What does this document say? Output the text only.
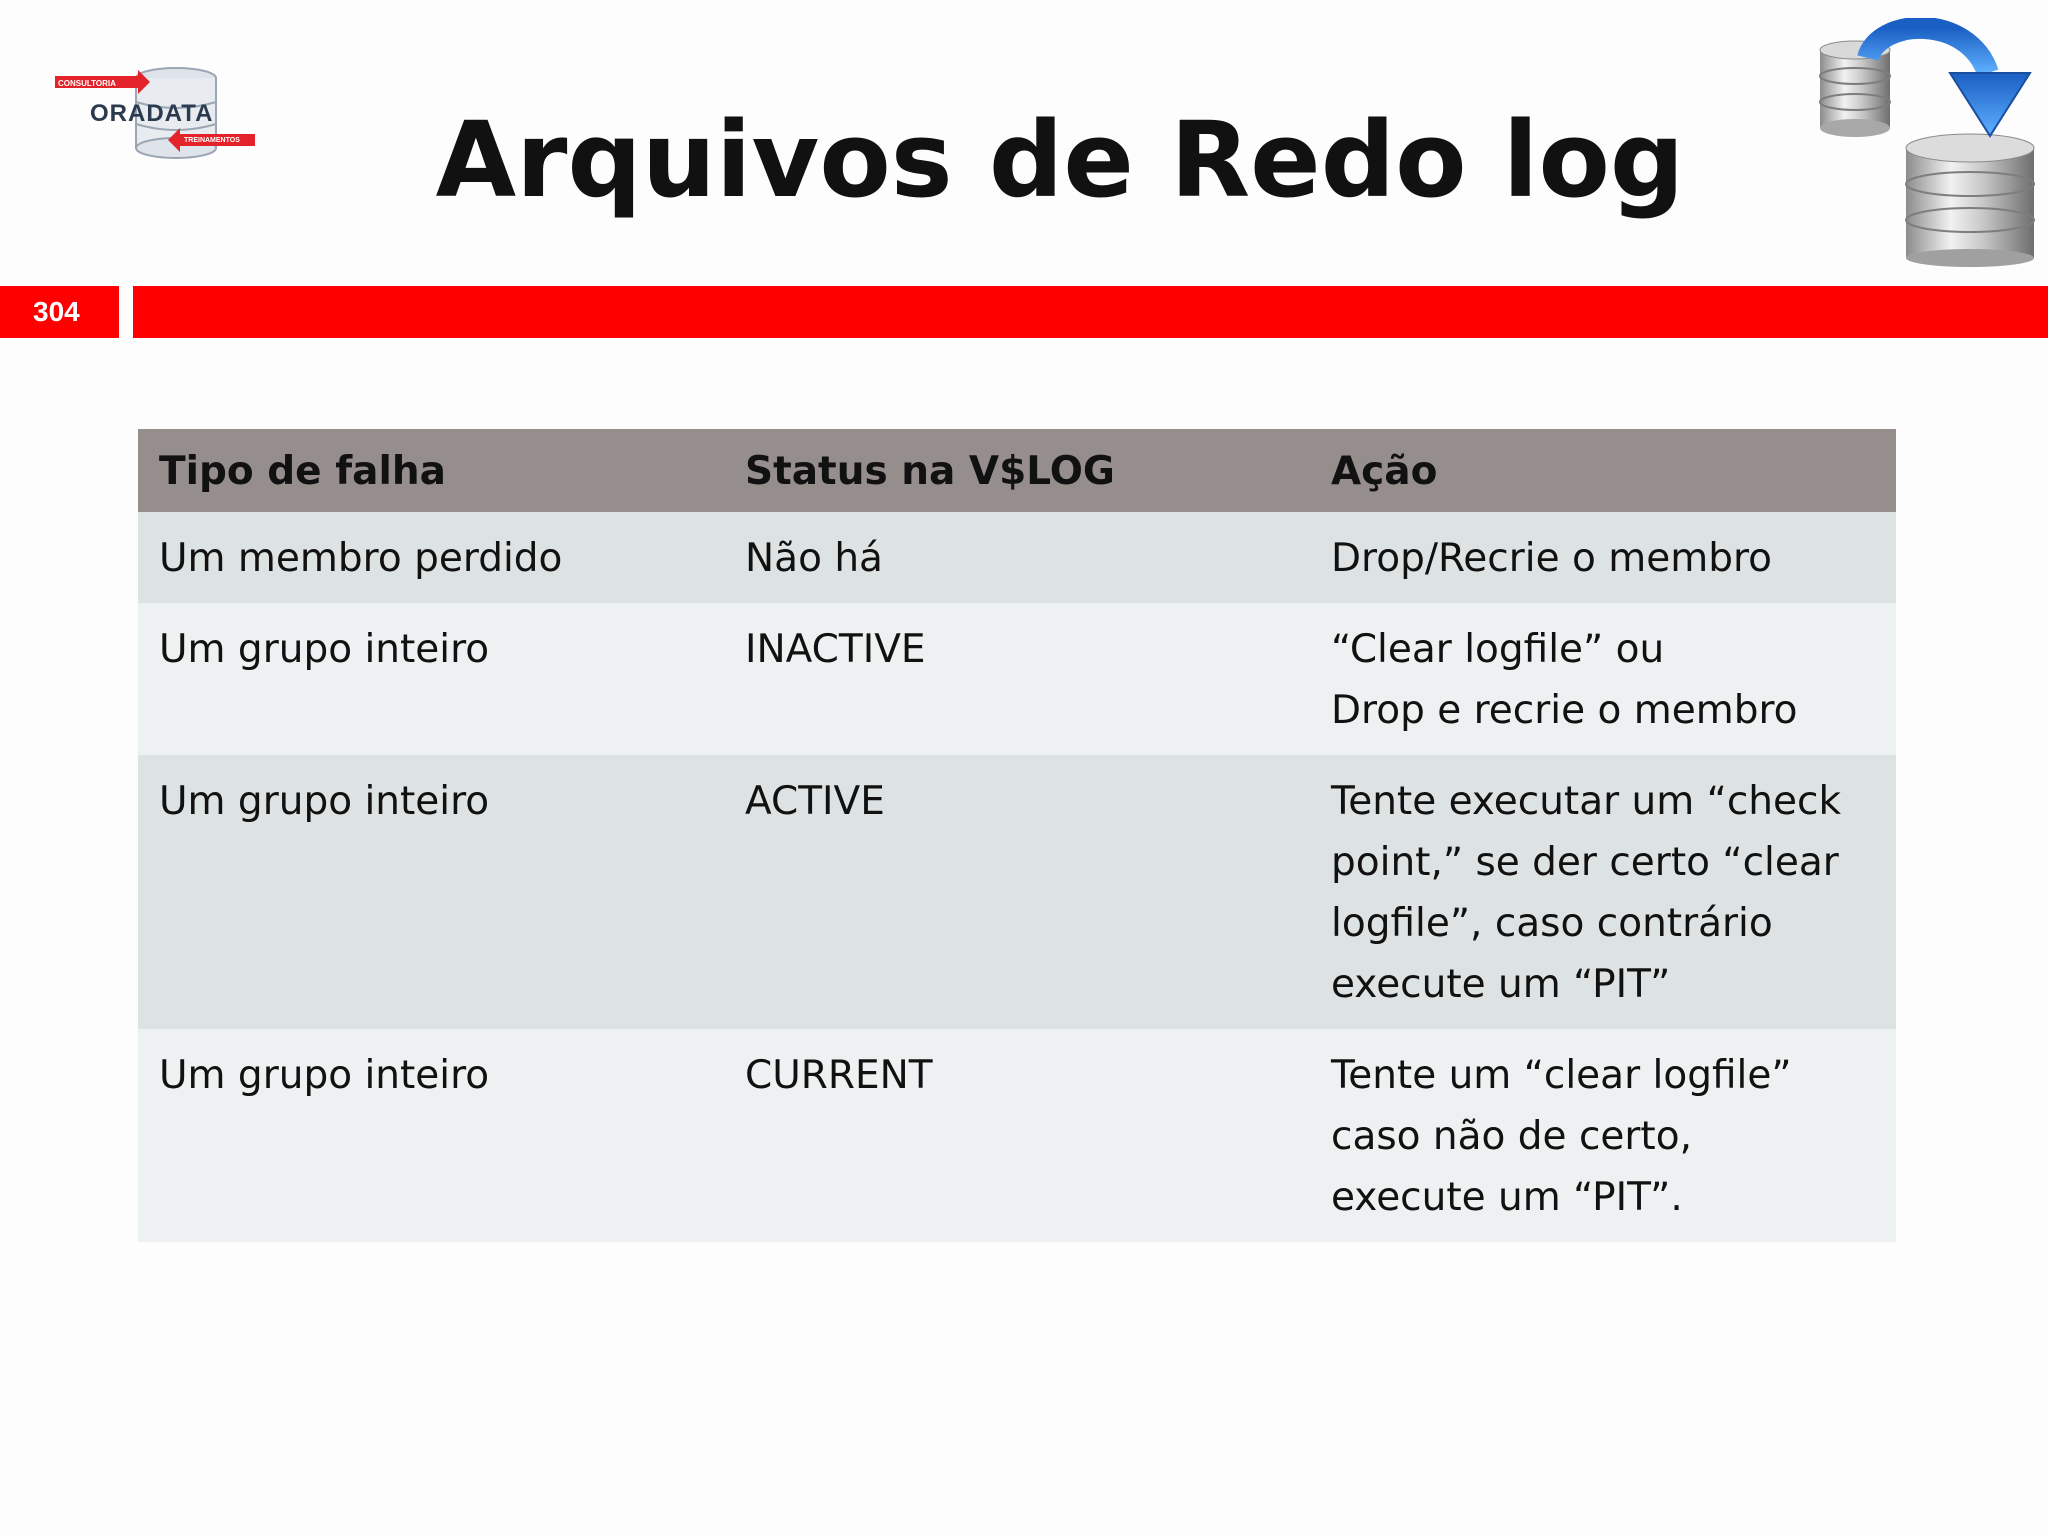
CONSULTORIA
ORADATA
TREINAMENTOS	Arquivos de Redo log
304
Tipo de falha	Status na V$LOG	Ação
Um membro perdido	Não há	Drop/Recrie o membro

Um grupo inteiro	INACTIVE	“Clear logfile” ou
Drop e recrie o membro

Um grupo inteiro	ACTIVE	Tente executar um “check
point,” se der certo “clear
logfile”, caso contrário
execute um “PIT”

Um grupo inteiro	CURRENT	Tente um “clear logfile”
caso não de certo,
execute um “PIT”.
